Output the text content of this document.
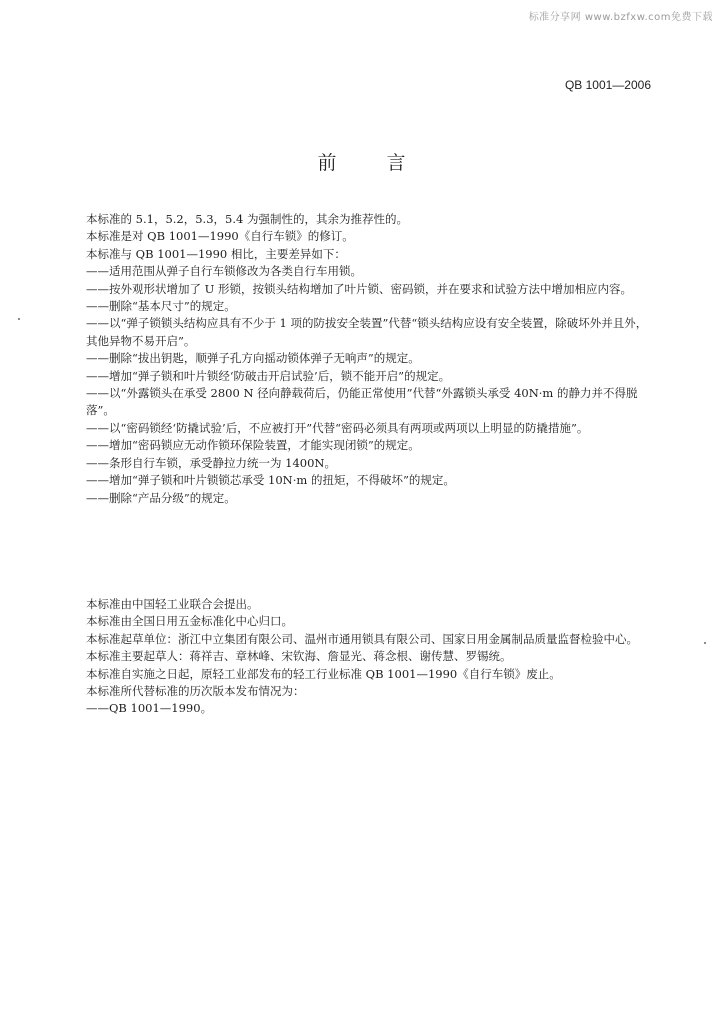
标准分享网 www.bzfxw.com免费下载
QB 1001—2006
前 言

本标准的 5.1，5.2，5.3，5.4 为强制性的，其余为推荐性的。

本标准是对 QB 1001—1990《自行车锁》的修订。

本标准与 QB 1001—1990 相比，主要差异如下：

——适用范围从弹子自行车锁修改为各类自行车用锁。

——按外观形状增加了 U 形锁，按锁头结构增加了叶片锁、密码锁，并在要求和试验方法中增加相应内容。

——删除“基本尺寸”的规定。

——以“弹子锁锁头结构应具有不少于 1 项的防拔安全装置”代替“锁头结构应设有安全装置，除破坏外并且外，其他异物不易开启”。

——删除“拔出钥匙，顺弹子孔方向摇动锁体弹子无响声”的规定。

——增加“弹子锁和叶片锁经‘防破击开启试验’后，锁不能开启”的规定。

——以“外露锁头在承受 2800 N 径向静载荷后，仍能正常使用”代替“外露锁头承受 40N·m 的静力并不得脱落”。

——以“密码锁经‘防撬试验’后，不应被打开”代替“密码必须具有两项或两项以上明显的防撬措施”。

——增加“密码锁应无动作锁环保险装置，才能实现闭锁”的规定。

——条形自行车锁，承受静拉力统一为 1400N。

——增加“弹子锁和叶片锁锁芯承受 10N·m 的扭矩，不得破坏”的规定。

——删除“产品分级”的规定。

本标准由中国轻工业联合会提出。

本标准由全国日用五金标准化中心归口。

本标准起草单位：浙江中立集团有限公司、温州市通用锁具有限公司、国家日用金属制品质量监督检验中心。

本标准主要起草人：蒋祥吉、章林峰、宋钦海、詹显光、蒋念根、谢传慧、罗锡统。

本标准自实施之日起，原轻工业部发布的轻工行业标准 QB 1001—1990《自行车锁》废止。

本标准所代替标准的历次版本发布情况为：

——QB 1001—1990。
